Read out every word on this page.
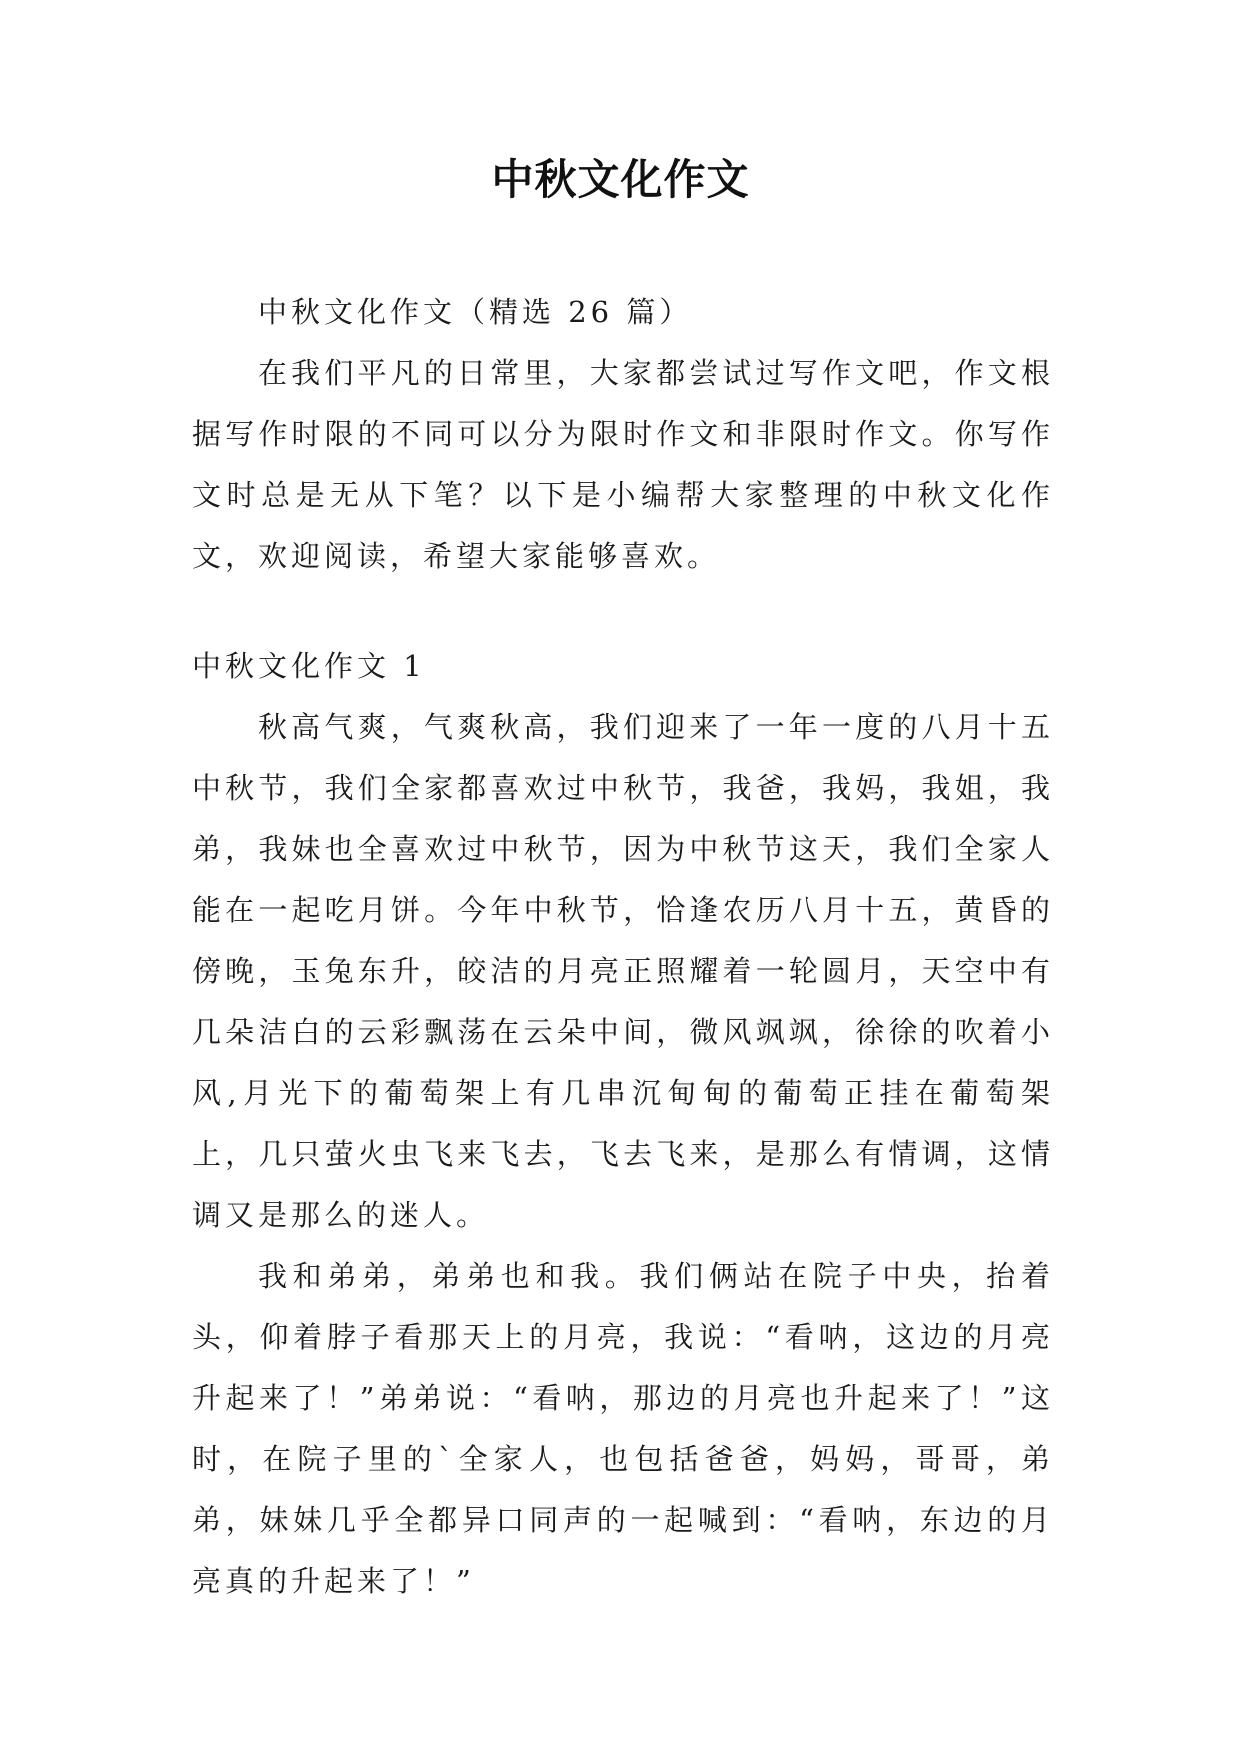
中秋文化作文

中秋文化作文（精选 26 篇）

在我们平凡的日常里，大家都尝试过写作文吧，作文根据写作时限的不同可以分为限时作文和非限时作文。你写作文时总是无从下笔？以下是小编帮大家整理的中秋文化作文，欢迎阅读，希望大家能够喜欢。

中秋文化作文 1

秋高气爽，气爽秋高，我们迎来了一年一度的八月十五中秋节，我们全家都喜欢过中秋节，我爸，我妈，我姐，我弟，我妹也全喜欢过中秋节，因为中秋节这天，我们全家人能在一起吃月饼。今年中秋节，恰逢农历八月十五，黄昏的傍晚，玉兔东升，皎洁的月亮正照耀着一轮圆月，天空中有几朵洁白的云彩飘荡在云朵中间，微风飒飒，徐徐的吹着小风,月光下的葡萄架上有几串沉甸甸的葡萄正挂在葡萄架上，几只萤火虫飞来飞去，飞去飞来，是那么有情调，这情调又是那么的迷人。

我和弟弟，弟弟也和我。我们俩站在院子中央，抬着头，仰着脖子看那天上的月亮，我说：“看呐，这边的月亮升起来了！”弟弟说：“看呐，那边的月亮也升起来了！”这时，在院子里的`全家人，也包括爸爸，妈妈，哥哥，弟弟，妹妹几乎全都异口同声的一起喊到：“看呐，东边的月亮真的升起来了！”
